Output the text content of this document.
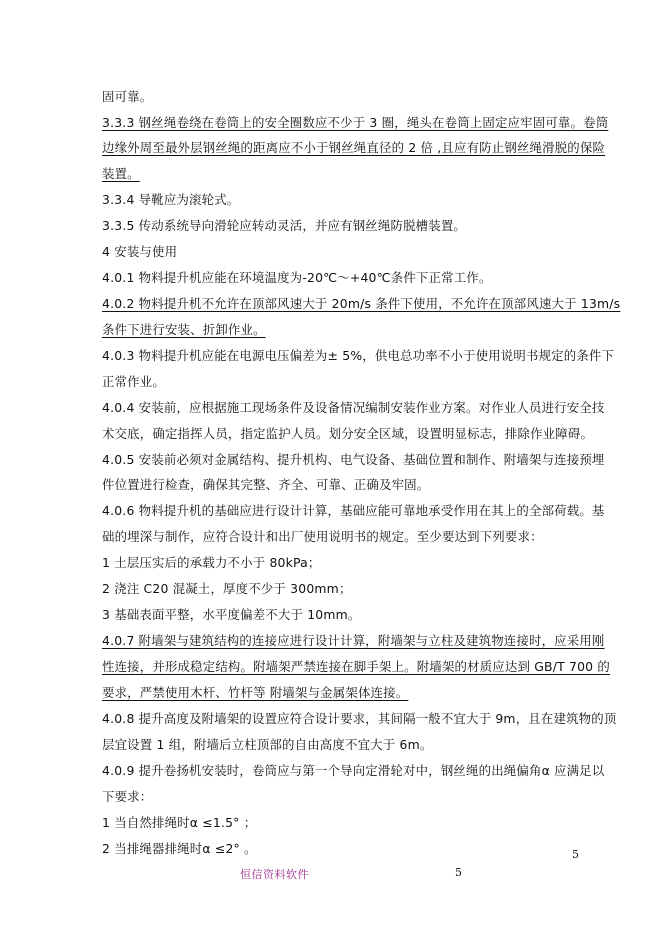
固可靠。
3.3.3 钢丝绳卷绕在卷筒上的安全圈数应不少于 3 圈，绳头在卷筒上固定应牢固可靠。卷筒
边缘外周至最外层钢丝绳的距离应不小于钢丝绳直径的 2 倍 ,且应有防止钢丝绳滑脱的保险
装置。
3.3.4 导靴应为滚轮式。
3.3.5 传动系统导向滑轮应转动灵活，并应有钢丝绳防脱槽装置。
4 安装与使用
4.0.1 物料提升机应能在环境温度为-20℃～+40℃条件下正常工作。
4.0.2 物料提升机不允许在顶部风速大于 20m/s 条件下使用，不允许在顶部风速大于 13m/s
条件下进行安装、折卸作业。
4.0.3 物料提升机应能在电源电压偏差为± 5%，供电总功率不小于使用说明书规定的条件下
正常作业。
4.0.4 安装前，应根据施工现场条件及设备情况编制安装作业方案。对作业人员进行安全技
术交底，确定指挥人员，指定监护人员。划分安全区域，设置明显标志，排除作业障碍。
4.0.5 安装前必须对金属结构、提升机构、电气设备、基础位置和制作、附墙架与连接预埋
件位置进行检查，确保其完整、齐全、可靠、正确及牢固。
4.0.6 物料提升机的基础应进行设计计算，基础应能可靠地承受作用在其上的全部荷载。基
础的埋深与制作，应符合设计和出厂使用说明书的规定。至少要达到下列要求：
1 土层压实后的承载力不小于 80kPa；
2 浇注 C20 混凝土，厚度不少于 300mm；
3 基础表面平整，水平度偏差不大于 10mm。
4.0.7 附墙架与建筑结构的连接应进行设计计算，附墙架与立柱及建筑物连接时，应采用刚
性连接，并形成稳定结构。附墙架严禁连接在脚手架上。附墙架的材质应达到 GB/T 700 的
要求，严禁使用木杆、竹杆等 附墙架与金属架体连接。
4.0.8 提升高度及附墙架的设置应符合设计要求，其间隔一般不宜大于 9m，且在建筑物的顶
层宜设置 1 组，附墙后立柱顶部的自由高度不宜大于 6m。
4.0.9 提升卷扬机安装时，卷筒应与第一个导向定滑轮对中，钢丝绳的出绳偏角α 应满足以
下要求：
1 当自然排绳时α ≤1.5° ；
2 当排绳器排绳时α ≤2° 。	5
恒信资料软件	5
